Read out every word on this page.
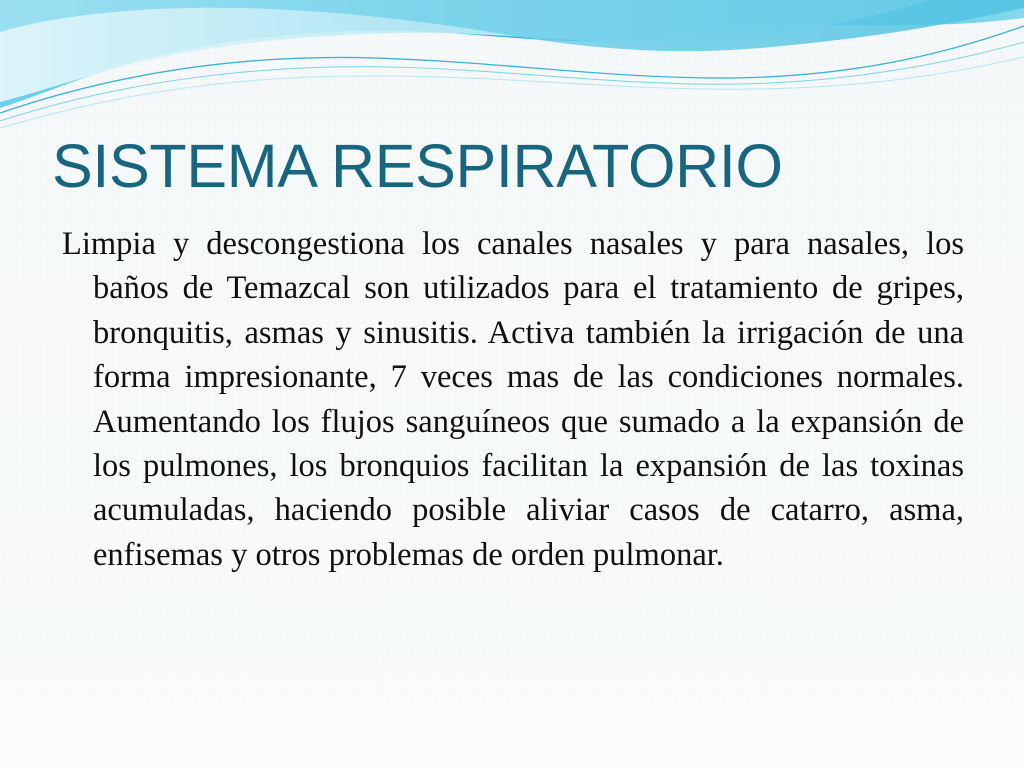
SISTEMA RESPIRATORIO

Limpia y descongestiona los canales nasales y para nasales, los baños de Temazcal son utilizados para el tratamiento de gripes, bronquitis, asmas y sinusitis. Activa también la irrigación de una forma impresionante, 7 veces mas de las condiciones normales. Aumentando los flujos sanguíneos que sumado a la expansión de los pulmones, los bronquios facilitan la expansión de las toxinas acumuladas, haciendo posible aliviar casos de catarro, asma, enfisemas y otros problemas de orden pulmonar.
